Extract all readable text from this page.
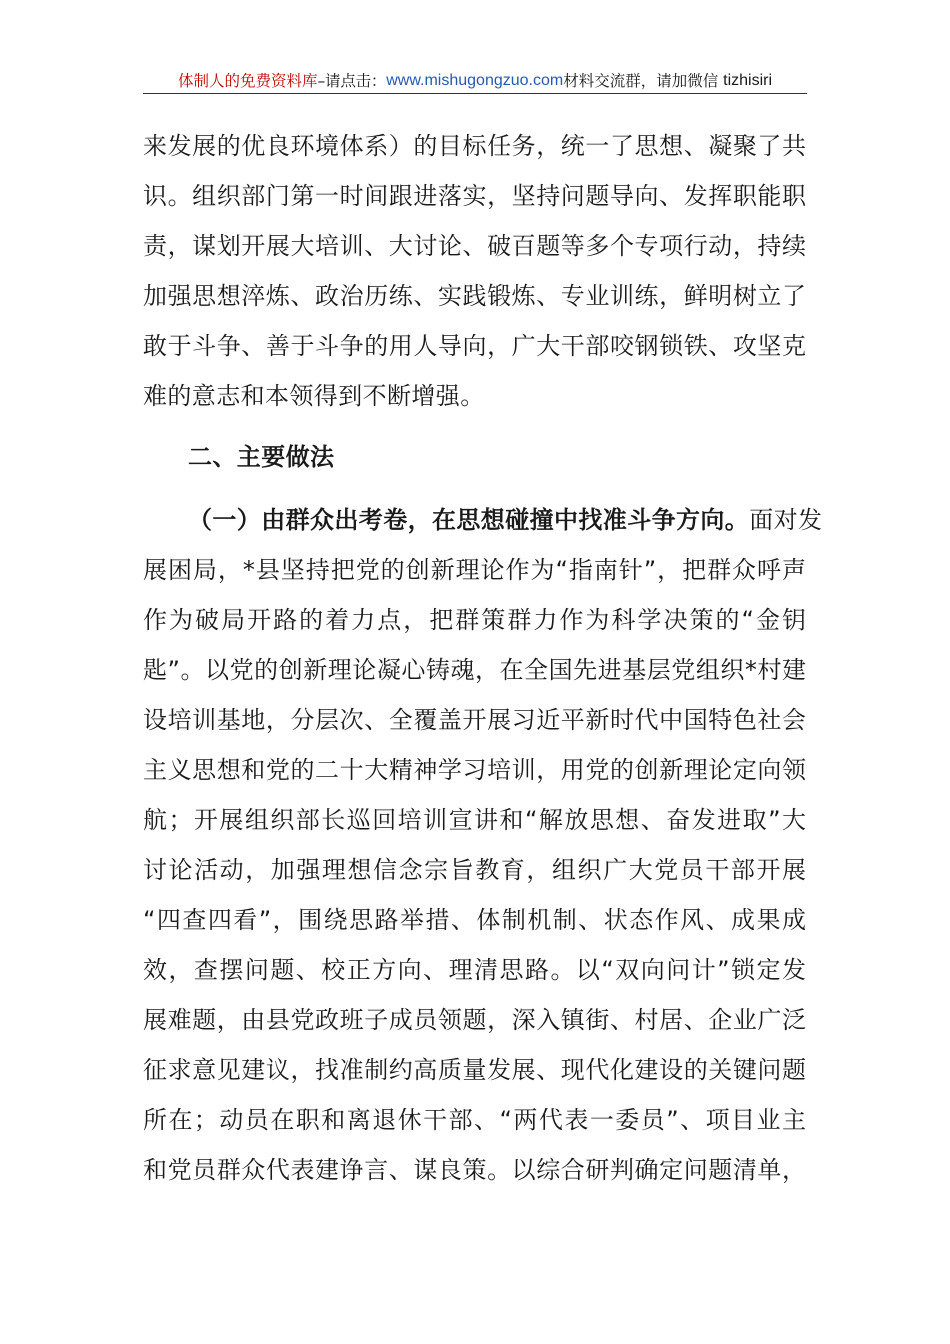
体制人的免费资料库 –请点击： www.mishugongzuo.com 材料交流群，请加微信
tizhisiri
来发展的优良环境体系）的目标任务，统一了思想、凝聚了共
识。组织部门第一时间跟进落实，坚持问题导向、发挥职能职
责，谋划开展大培训、大讨论、破百题等多个专项行动，持续
加强思想淬炼、政治历练、实践锻炼、专业训练，鲜明树立了
敢于斗争、善于斗争的用人导向，广大干部咬钢锁铁、攻坚克
难的意志和本领得到不断增强。
二、主要做法
（一）由群众出考卷，在思想碰撞中找准斗争方向。 面对发
展困局，*县坚持把党的创新理论作为“指南针”，把群众呼声
作为破局开路的着力点，把群策群力作为科学决策的“金钥
匙”。以党的创新理论凝心铸魂，在全国先进基层党组织*村建
设培训基地，分层次、全覆盖开展习近平新时代中国特色社会
主义思想和党的二十大精神学习培训，用党的创新理论定向领
航；开展组织部长巡回培训宣讲和“解放思想、奋发进取”大
讨论活动，加强理想信念宗旨教育，组织广大党员干部开展
“四查四看”，围绕思路举措、体制机制、状态作风、成果成
效，查摆问题、校正方向、理清思路。以“双向问计”锁定发
展难题，由县党政班子成员领题，深入镇街、村居、企业广泛
征求意见建议，找准制约高质量发展、现代化建设的关键问题
所在；动员在职和离退休干部、“两代表一委员”、项目业主
和党员群众代表建诤言、谋良策。以综合研判确定问题清单，
